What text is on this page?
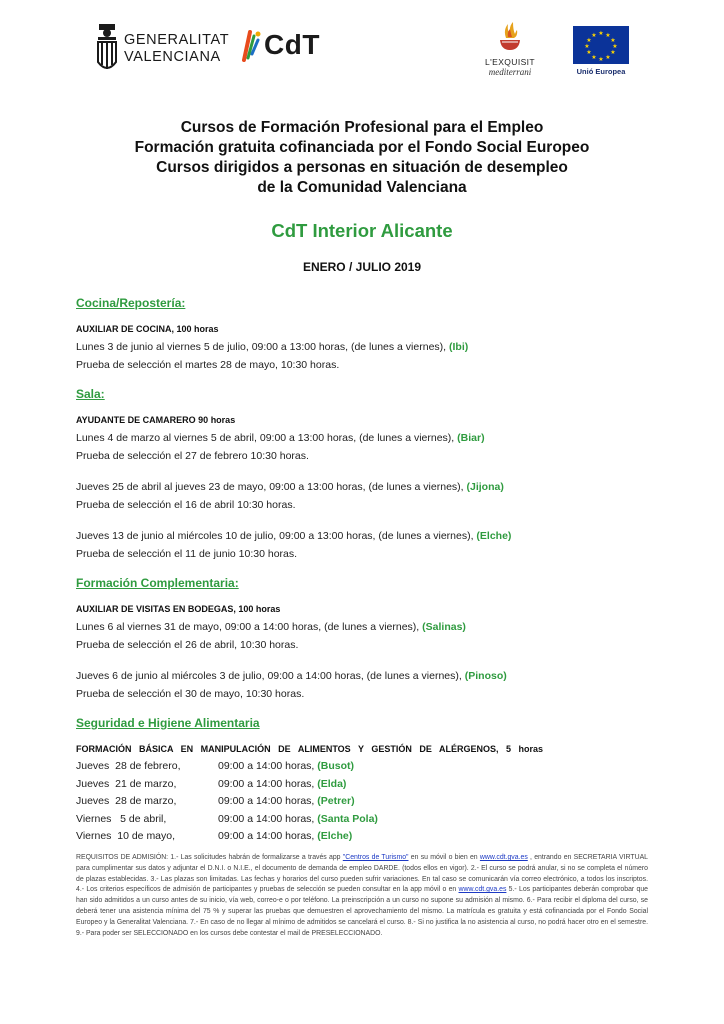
GENERALITAT
VALENCIANA CdT
L'EXQUISIT
mediterrani
★ ★
★
★
★
★
★
★
★
★
★
★
Unió Europea
Cursos de Formación Profesional para el Empleo
Formación gratuita cofinanciada por el Fondo Social Europeo
Cursos dirigidos a personas en situación de desempleo
de la Comunidad Valenciana
CdT Interior Alicante
ENERO / JULIO 2019
Cocina/Repostería:
AUXILIAR DE COCINA, 100 horas
Lunes 3 de junio al viernes 5 de julio, 09:00 a 13:00 horas, (de lunes a viernes), (Ibi)
Prueba de selección el martes 28 de mayo, 10:30 horas.
Sala:
AYUDANTE DE CAMARERO 90 horas
Lunes 4 de marzo al viernes 5 de abril, 09:00 a 13:00 horas, (de lunes a viernes), (Biar)
Prueba de selección el 27 de febrero 10:30 horas.
Jueves 25 de abril al jueves 23 de mayo, 09:00 a 13:00 horas, (de lunes a viernes), (Jijona)
Prueba de selección el 16 de abril 10:30 horas.
Jueves 13 de junio al miércoles 10 de julio, 09:00 a 13:00 horas, (de lunes a viernes), (Elche)
Prueba de selección el 11 de junio 10:30 horas.
Formación Complementaria:
AUXILIAR DE VISITAS EN BODEGAS, 100 horas
Lunes 6 al viernes 31 de mayo, 09:00 a 14:00 horas, (de lunes a viernes), (Salinas)
Prueba de selección el 26 de abril, 10:30 horas.
Jueves 6 de junio al miércoles 3 de julio, 09:00 a 14:00 horas, (de lunes a viernes), (Pinoso)
Prueba de selección el 30 de mayo, 10:30 horas.
Seguridad e Higiene Alimentaria
FORMACIÓN BÁSICA EN MANIPULACIÓN DE ALIMENTOS Y GESTIÓN DE ALÉRGENOS, 5 horas
Jueves  28 de febrero,	09:00 a 14:00 horas, (Busot)
Jueves  21 de marzo,	09:00 a 14:00 horas, (Elda)
Jueves  28 de marzo,	09:00 a 14:00 horas, (Petrer)
Viernes   5 de abril,	09:00 a 14:00 horas, (Santa Pola)
Viernes  10 de mayo,	09:00 a 14:00 horas, (Elche)
REQUISITOS DE ADMISIÓN: 1.- Las solicitudes habrán de formalizarse a través app "Centros de Turismo" en su móvil o bien en www.cdt.gva.es , entrando en SECRETARIA VIRTUAL para cumplimentar sus datos y adjuntar el D.N.I. o N.I.E., el documento de demanda de empleo DARDE. (todos ellos en vigor). 2.- El curso se podrá anular, si no se completa el número de plazas establecidas. 3.- Las plazas son limitadas. Las fechas y horarios del curso pueden sufrir variaciones. En tal caso se comunicarán vía correo electrónico, a todos los inscriptos. 4.- Los criterios específicos de admisión de participantes y pruebas de selección se pueden consultar en la app móvil o en www.cdt.gva.es 5.- Los participantes deberán comprobar que han sido admitidos a un curso antes de su inicio, vía web, correo-e o por teléfono. La preinscripción a un curso no supone su admisión al mismo. 6.- Para recibir el diploma del curso, se deberá tener una asistencia mínima del 75 % y superar las pruebas que demuestren el aprovechamiento del mismo. La matrícula es gratuita y está cofinanciada por el Fondo Social Europeo y la Generalitat Valenciana. 7.- En caso de no llegar al mínimo de admitidos se cancelará el curso. 8.- Si no justifica la no asistencia al curso, no podrá hacer otro en el semestre. 9.- Para poder ser SELECCIONADO en los cursos debe contestar el mail de PRESELECCIONADO.
